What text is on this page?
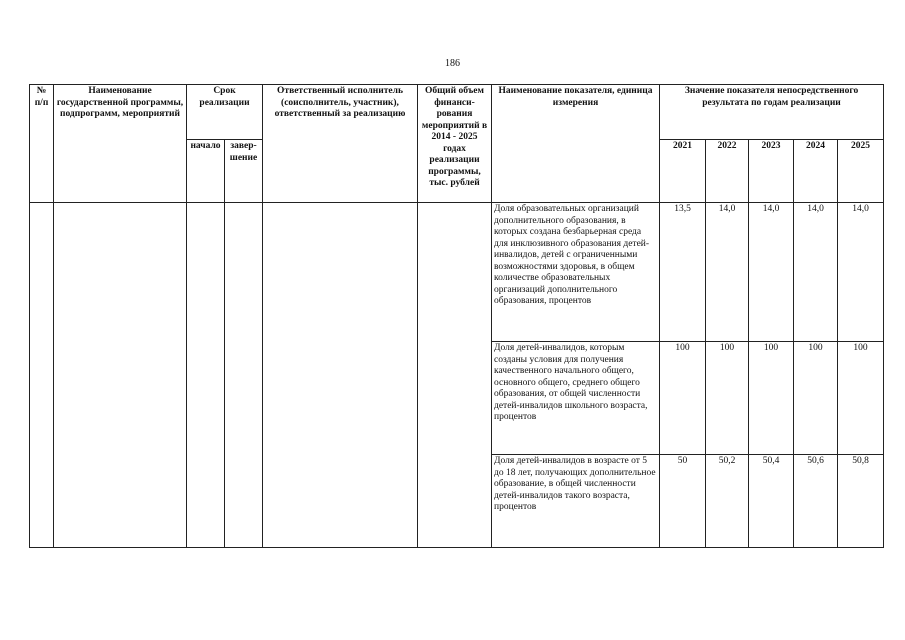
186
№ п/п	Наименование государственной программы, подпрограмм, мероприятий	Срок реализации		Ответственный исполнитель (соисполнитель, участник), ответственный за реализацию	Общий объем финанси-рования мероприятий в 2014 - 2025 годах реализации программы, тыс. рублей	Наименование показателя, единица измерения	Значение показателя непосредственного результата по годам реализации				
		начало	завер-шение				2021	2022	2023	2024	2025
						Доля образовательных организаций дополнительного образования, в которых создана безбарьерная среда для инклюзивного образования детей-инвалидов, детей с ограниченными возможностями здоровья, в общем количестве образовательных организаций дополнительного образования, процентов	13,5	14,0	14,0	14,0	14,0
						Доля детей-инвалидов, которым созданы условия для получения качественного начального общего, основного общего, среднего общего образования, от общей численности детей-инвалидов школьного возраста, процентов	100	100	100	100	100
						Доля детей-инвалидов в возрасте от 5 до 18 лет, получающих дополнительное образование, в общей численности детей-инвалидов такого возраста, процентов	50	50,2	50,4	50,6	50,8
